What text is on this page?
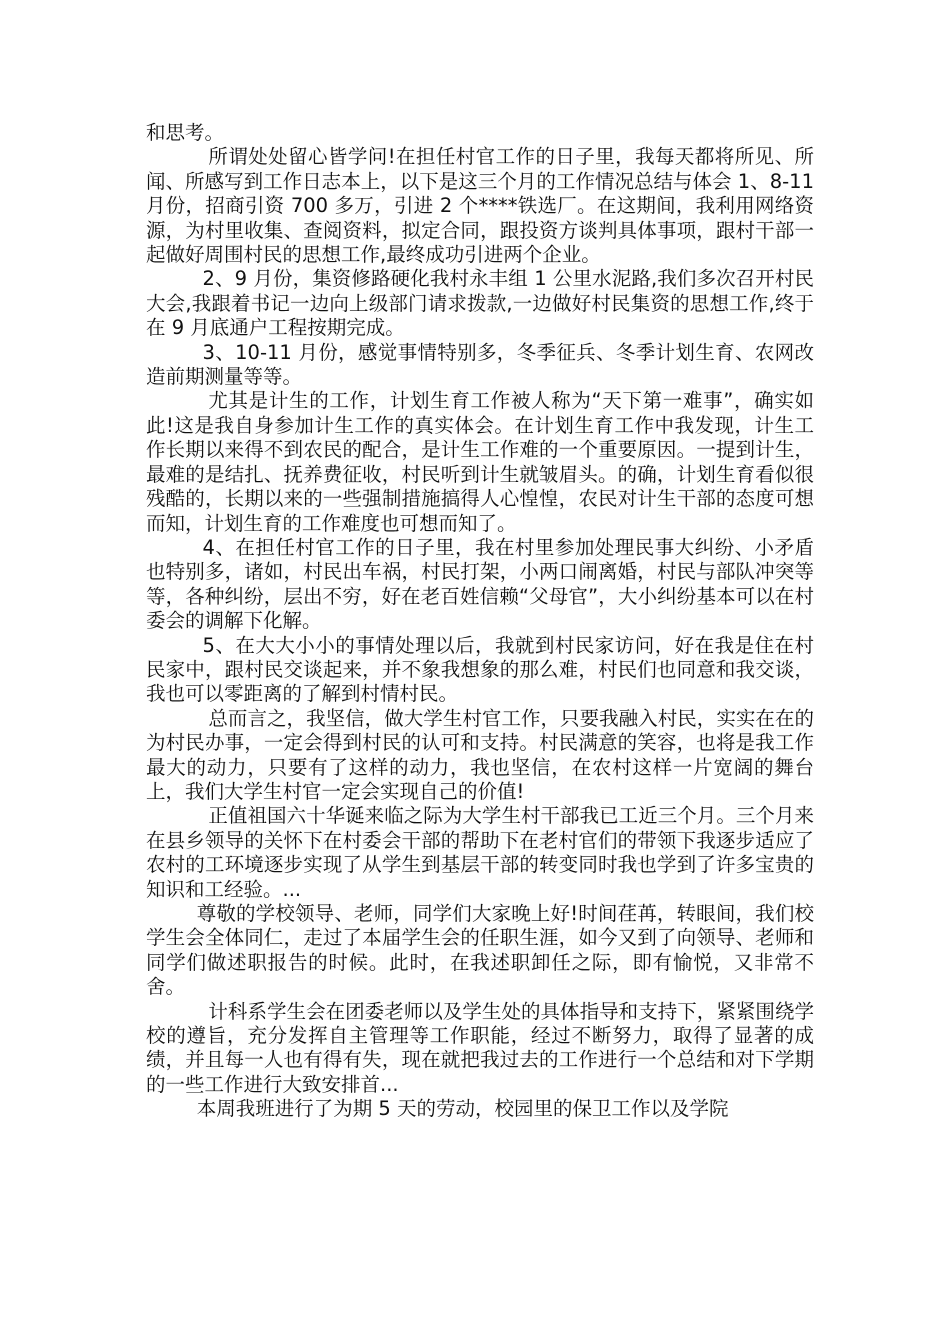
和思考。

所谓处处留心皆学问!在担任村官工作的日子里，我每天都将所见、所闻、所感写到工作日志本上，以下是这三个月的工作情况总结与体会 1、8-11 月份，招商引资 700 多万，引进 2 个****铁选厂。在这期间，我利用网络资源，为村里收集、查阅资料，拟定合同，跟投资方谈判具体事项，跟村干部一起做好周围村民的思想工作,最终成功引进两个企业。

2、9 月份，集资修路硬化我村永丰组 1 公里水泥路,我们多次召开村民大会,我跟着书记一边向上级部门请求拨款,一边做好村民集资的思想工作,终于在 9 月底通户工程按期完成。

3、10-11 月份，感觉事情特别多，冬季征兵、冬季计划生育、农网改造前期测量等等。

尤其是计生的工作，计划生育工作被人称为“天下第一难事”，确实如此!这是我自身参加计生工作的真实体会。在计划生育工作中我发现，计生工作长期以来得不到农民的配合，是计生工作难的一个重要原因。一提到计生，最难的是结扎、抚养费征收，村民听到计生就皱眉头。的确，计划生育看似很残酷的，长期以来的一些强制措施搞得人心惶惶，农民对计生干部的态度可想而知，计划生育的工作难度也可想而知了。

4、在担任村官工作的日子里，我在村里参加处理民事大纠纷、小矛盾也特别多，诸如，村民出车祸，村民打架，小两口闹离婚，村民与部队冲突等等，各种纠纷，层出不穷，好在老百姓信赖“父母官”，大小纠纷基本可以在村委会的调解下化解。

5、在大大小小的事情处理以后，我就到村民家访问，好在我是住在村民家中，跟村民交谈起来，并不象我想象的那么难，村民们也同意和我交谈，我也可以零距离的了解到村情村民。

总而言之，我坚信，做大学生村官工作，只要我融入村民，实实在在的为村民办事，一定会得到村民的认可和支持。村民满意的笑容，也将是我工作最大的动力，只要有了这样的动力，我也坚信，在农村这样一片宽阔的舞台上，我们大学生村官一定会实现自己的价值!

正值祖国六十华诞来临之际为大学生村干部我已工近三个月。三个月来在县乡领导的关怀下在村委会干部的帮助下在老村官们的带领下我逐步适应了农村的工环境逐步实现了从学生到基层干部的转变同时我也学到了许多宝贵的知识和工经验。...

尊敬的学校领导、老师，同学们大家晚上好!时间荏苒，转眼间，我们校学生会全体同仁，走过了本届学生会的任职生涯，如今又到了向领导、老师和同学们做述职报告的时候。此时，在我述职卸任之际，即有愉悦，又非常不舍。

计科系学生会在团委老师以及学生处的具体指导和支持下，紧紧围绕学校的遵旨，充分发挥自主管理等工作职能，经过不断努力，取得了显著的成绩，并且每一人也有得有失，现在就把我过去的工作进行一个总结和对下学期的一些工作进行大致安排首...

本周我班进行了为期 5 天的劳动，校园里的保卫工作以及学院
